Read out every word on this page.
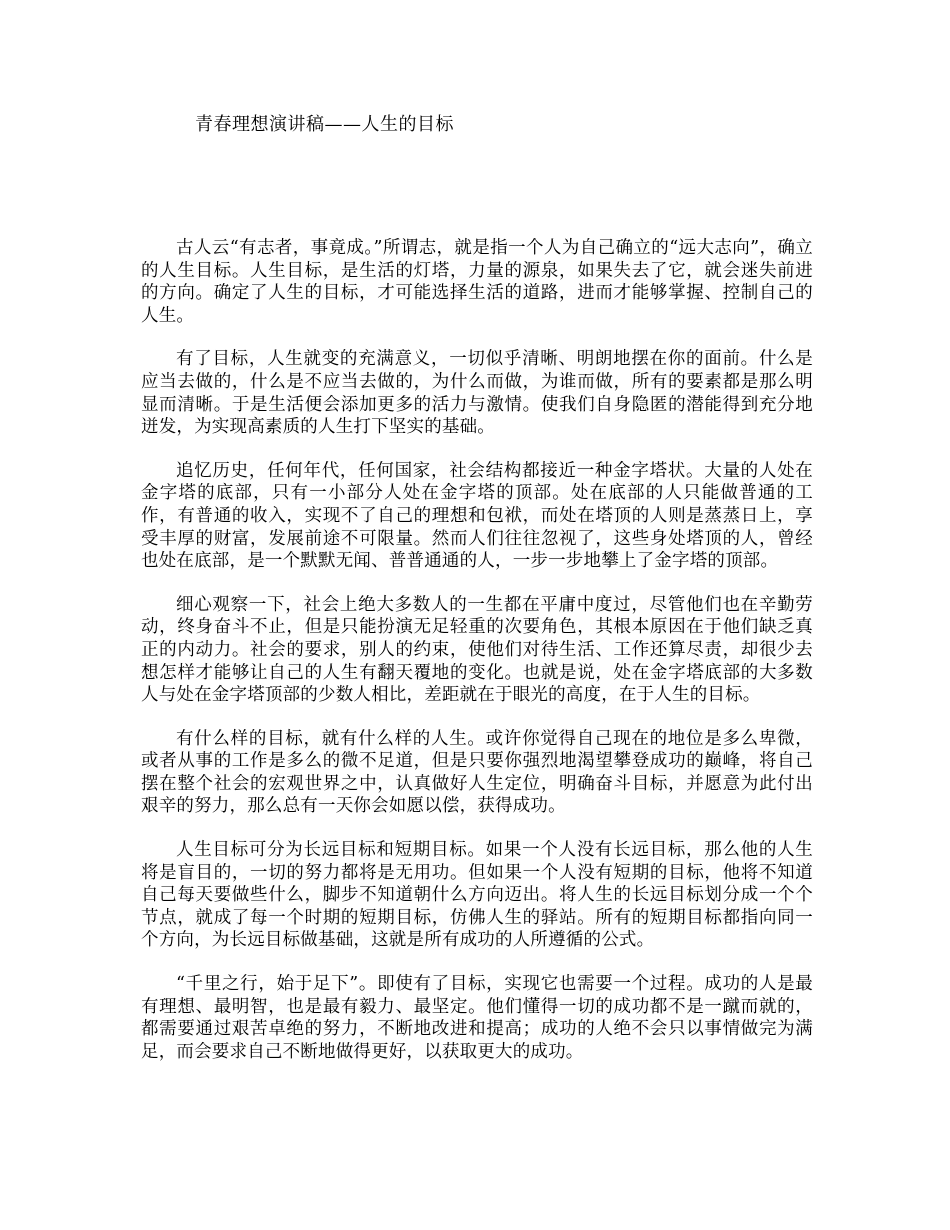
青春理想演讲稿——人生的目标

古人云“有志者，事竟成。”所谓志，就是指一个人为自己确立的“远大志向”，确立的人生目标。人生目标，是生活的灯塔，力量的源泉，如果失去了它，就会迷失前进的方向。确定了人生的目标，才可能选择生活的道路，进而才能够掌握、控制自己的人生。

有了目标，人生就变的充满意义，一切似乎清晰、明朗地摆在你的面前。什么是应当去做的，什么是不应当去做的，为什么而做，为谁而做，所有的要素都是那么明显而清晰。于是生活便会添加更多的活力与激情。使我们自身隐匿的潜能得到充分地迸发，为实现高素质的人生打下坚实的基础。

追忆历史，任何年代，任何国家，社会结构都接近一种金字塔状。大量的人处在金字塔的底部，只有一小部分人处在金字塔的顶部。处在底部的人只能做普通的工作，有普通的收入，实现不了自己的理想和包袱，而处在塔顶的人则是蒸蒸日上，享受丰厚的财富，发展前途不可限量。然而人们往往忽视了，这些身处塔顶的人，曾经也处在底部，是一个默默无闻、普普通通的人，一步一步地攀上了金字塔的顶部。

细心观察一下，社会上绝大多数人的一生都在平庸中度过，尽管他们也在辛勤劳动，终身奋斗不止，但是只能扮演无足轻重的次要角色，其根本原因在于他们缺乏真正的内动力。社会的要求，别人的约束，使他们对待生活、工作还算尽责，却很少去想怎样才能够让自己的人生有翻天覆地的变化。也就是说，处在金字塔底部的大多数人与处在金字塔顶部的少数人相比，差距就在于眼光的高度，在于人生的目标。

有什么样的目标，就有什么样的人生。或许你觉得自己现在的地位是多么卑微，或者从事的工作是多么的微不足道，但是只要你强烈地渴望攀登成功的巅峰，将自己摆在整个社会的宏观世界之中，认真做好人生定位，明确奋斗目标，并愿意为此付出艰辛的努力，那么总有一天你会如愿以偿，获得成功。

人生目标可分为长远目标和短期目标。如果一个人没有长远目标，那么他的人生将是盲目的，一切的努力都将是无用功。但如果一个人没有短期的目标，他将不知道自己每天要做些什么，脚步不知道朝什么方向迈出。将人生的长远目标划分成一个个节点，就成了每一个时期的短期目标，仿佛人生的驿站。所有的短期目标都指向同一个方向，为长远目标做基础，这就是所有成功的人所遵循的公式。

“千里之行，始于足下”。即使有了目标，实现它也需要一个过程。成功的人是最有理想、最明智，也是最有毅力、最坚定。他们懂得一切的成功都不是一蹴而就的，都需要通过艰苦卓绝的努力，不断地改进和提高；成功的人绝不会只以事情做完为满足，而会要求自己不断地做得更好，以获取更大的成功。
